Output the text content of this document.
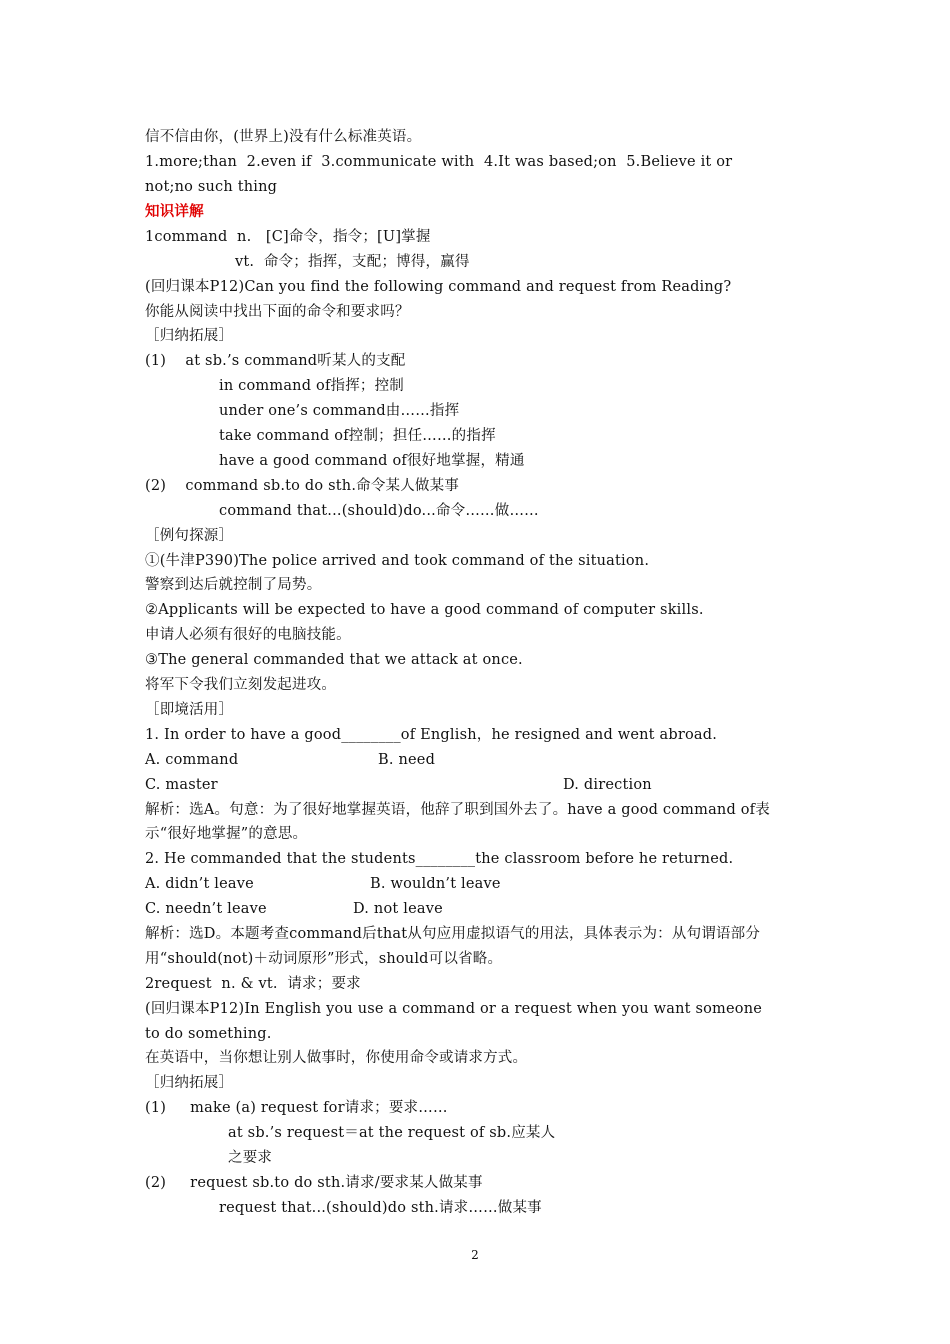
信不信由你，(世界上)没有什么标准英语。
1.more;than  2.even if  3.communicate with  4.It was based;on  5.Believe it or
not;no such thing
知识详解
1command  n.   [C]命令，指令；[U]掌握
vt.  命令；指挥，支配；博得，赢得
(回归课本P12)Can you find the following command and request from Reading?
你能从阅读中找出下面的命令和要求吗？
［归纳拓展］
(1)    at sb.’s command听某人的支配
in command of指挥；控制
under one’s command由……指挥
take command of控制；担任……的指挥
have a good command of很好地掌握，精通
(2)    command sb.to do sth.命令某人做某事
command that...(should)do...命令……做……
［例句探源］
①(牛津P390)The police arrived and took command of the situation.
警察到达后就控制了局势。
②Applicants will be expected to have a good command of computer skills.
申请人必须有很好的电脑技能。
③The general commanded that we attack at once.
将军下令我们立刻发起进攻。
［即境活用］
1. In order to have a good________of English，he resigned and went abroad.
A. command	B. need
C. master	D. direction
解析：选A。句意：为了很好地掌握英语，他辞了职到国外去了。have a good command of表
示“很好地掌握”的意思。
2. He commanded that the students________the classroom before he returned.
A. didn’t leave	B. wouldn’t leave
C. needn’t leave	D. not leave
解析：选D。本题考查command后that从句应用虚拟语气的用法，具体表示为：从句谓语部分
用“should(not)＋动词原形”形式，should可以省略。
2request  n. & vt.  请求；要求
(回归课本P12)In English you use a command or a request when you want someone
to do something.
在英语中，当你想让别人做事时，你使用命令或请求方式。
［归纳拓展］
(1)     make (a) request for请求；要求……
at sb.’s request＝at the request of sb.应某人
之要求
(2)     request sb.to do sth.请求/要求某人做某事
request that...(should)do sth.请求……做某事
2
